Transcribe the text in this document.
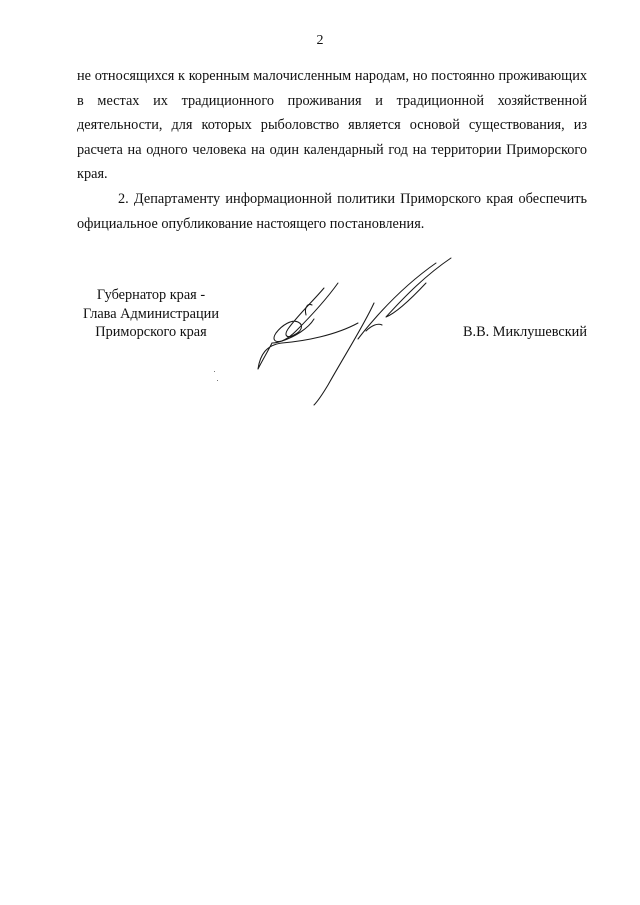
2

не относящихся к коренным малочисленным народам, но постоянно проживающих в местах их традиционного проживания и традиционной хозяйственной деятельности, для которых рыболовство является основой существования, из расчета на одного человека на один календарный год на территории Приморского края.

2. Департаменту информационной политики Приморского края обеспечить официальное опубликование настоящего постановления.

Губернатор края -
Глава Администрации
Приморского края	В.В. Миклушевский
